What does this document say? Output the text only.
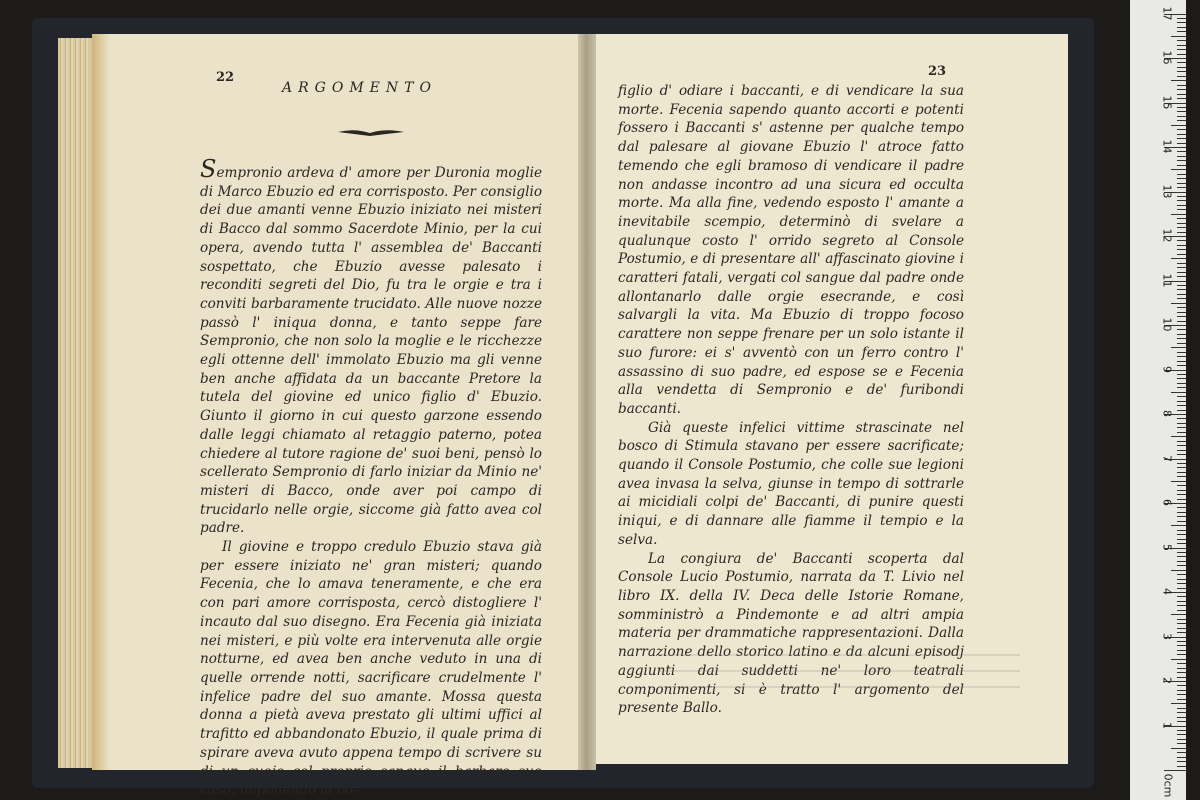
22
ARGOMENTO

Sempronio ardeva d' amore per Duronia moglie di Marco Ebuzio ed era corrisposto. Per consiglio dei due amanti venne Ebuzio iniziato nei misteri di Bacco dal sommo Sacerdote Minio, per la cui opera, avendo tutta l' assemblea de' Baccanti sospettato, che Ebuzio avesse palesato i reconditi segreti del Dio, fu tra le orgie e tra i conviti barbaramente trucidato. Alle nuove nozze passò l' iniqua donna, e tanto seppe fare Sempronio, che non solo la moglie e le ricchezze egli ottenne dell' immolato Ebuzio ma gli venne ben anche affidata da un baccante Pretore la tutela del giovine ed unico figlio d' Ebuzio. Giunto il giorno in cui questo garzone essendo dalle leggi chiamato al retaggio paterno, potea chiedere al tutore ragione de' suoi beni, pensò lo scellerato Sempronio di farlo iniziar da Minio ne' misteri di Bacco, onde aver poi campo di trucidarlo nelle orgie, siccome già fatto avea col padre.

Il giovine e troppo credulo Ebuzio stava già per essere iniziato ne' gran misteri; quando Fecenia, che lo amava teneramente, e che era con pari amore corrisposta, cercò distoglierе l' incauto dal suo disegno. Era Fecenia già iniziata nei misteri, e più volte era intervenuta alle orgie notturne, ed avea ben anche veduto in una di quelle orrende notti, sacrificare crudelmente l' infelice padre del suo amante. Mossa questa donna a pietà aveva prestato gli ultimi uffici al trafitto ed abbandonato Ebuzio, il quale prima di spirare aveva avuto appena tempo di scrivere su di un cuojo col proprio sangue il barbaro suo caso, imponendo al co-

23

figlio d' odiare i baccanti, e di vendicare la sua morte. Fecenia sapendo quanto accorti e potenti fossero i Baccanti s' astenne per qualche tempo dal palesare al giovane Ebuzio l' atroce fatto temendo che egli bramoso di vendicare il padre non andasse incontro ad una sicura ed occulta morte. Ma alla fine, vedendo esposto l' amante a inevitabile scempio, determinò di svelare a qualunque costo l' orrido segreto al Console Postumio, e di presentare all' affascinato giovine i caratteri fatali, vergati col sangue dal padre onde allontanarlo dalle orgie esecrande, e così salvargli la vita. Ma Ebuzio di troppo focoso carattere non seppe frenare per un solo istante il suo furore: ei s' avventò con un ferro contro l' assassino di suo padre, ed espose se e Fecenia alla vendetta di Sempronio e de' furibondi baccanti.

Già queste infelici vittime strascinate nel bosco di Stimula stavano per essere sacrificate; quando il Console Postumio, che colle sue legioni avea invasa la selva, giunse in tempo di sottrarle ai micidiali colpi de' Baccanti, di punire questi iniqui, e di dannare alle fiamme il tempio e la selva.

La congiura de' Baccanti scoperta dal Console Lucio Postumio, narrata da T. Livio nel libro IX. della IV. Deca delle Istorie Romane, somministrò a Pindemonte e ad altri ampia materia per drammatiche rappresentazioni. Dalla narrazione dello storico latino e da alcuni episodj aggiunti dai suddetti ne' loro teatrali componimenti, si è tratto l' argomento del presente Ballo.

0cm
1
2
3
4
5
6
7
8
9
10
11
12
13
14
15
16
17
